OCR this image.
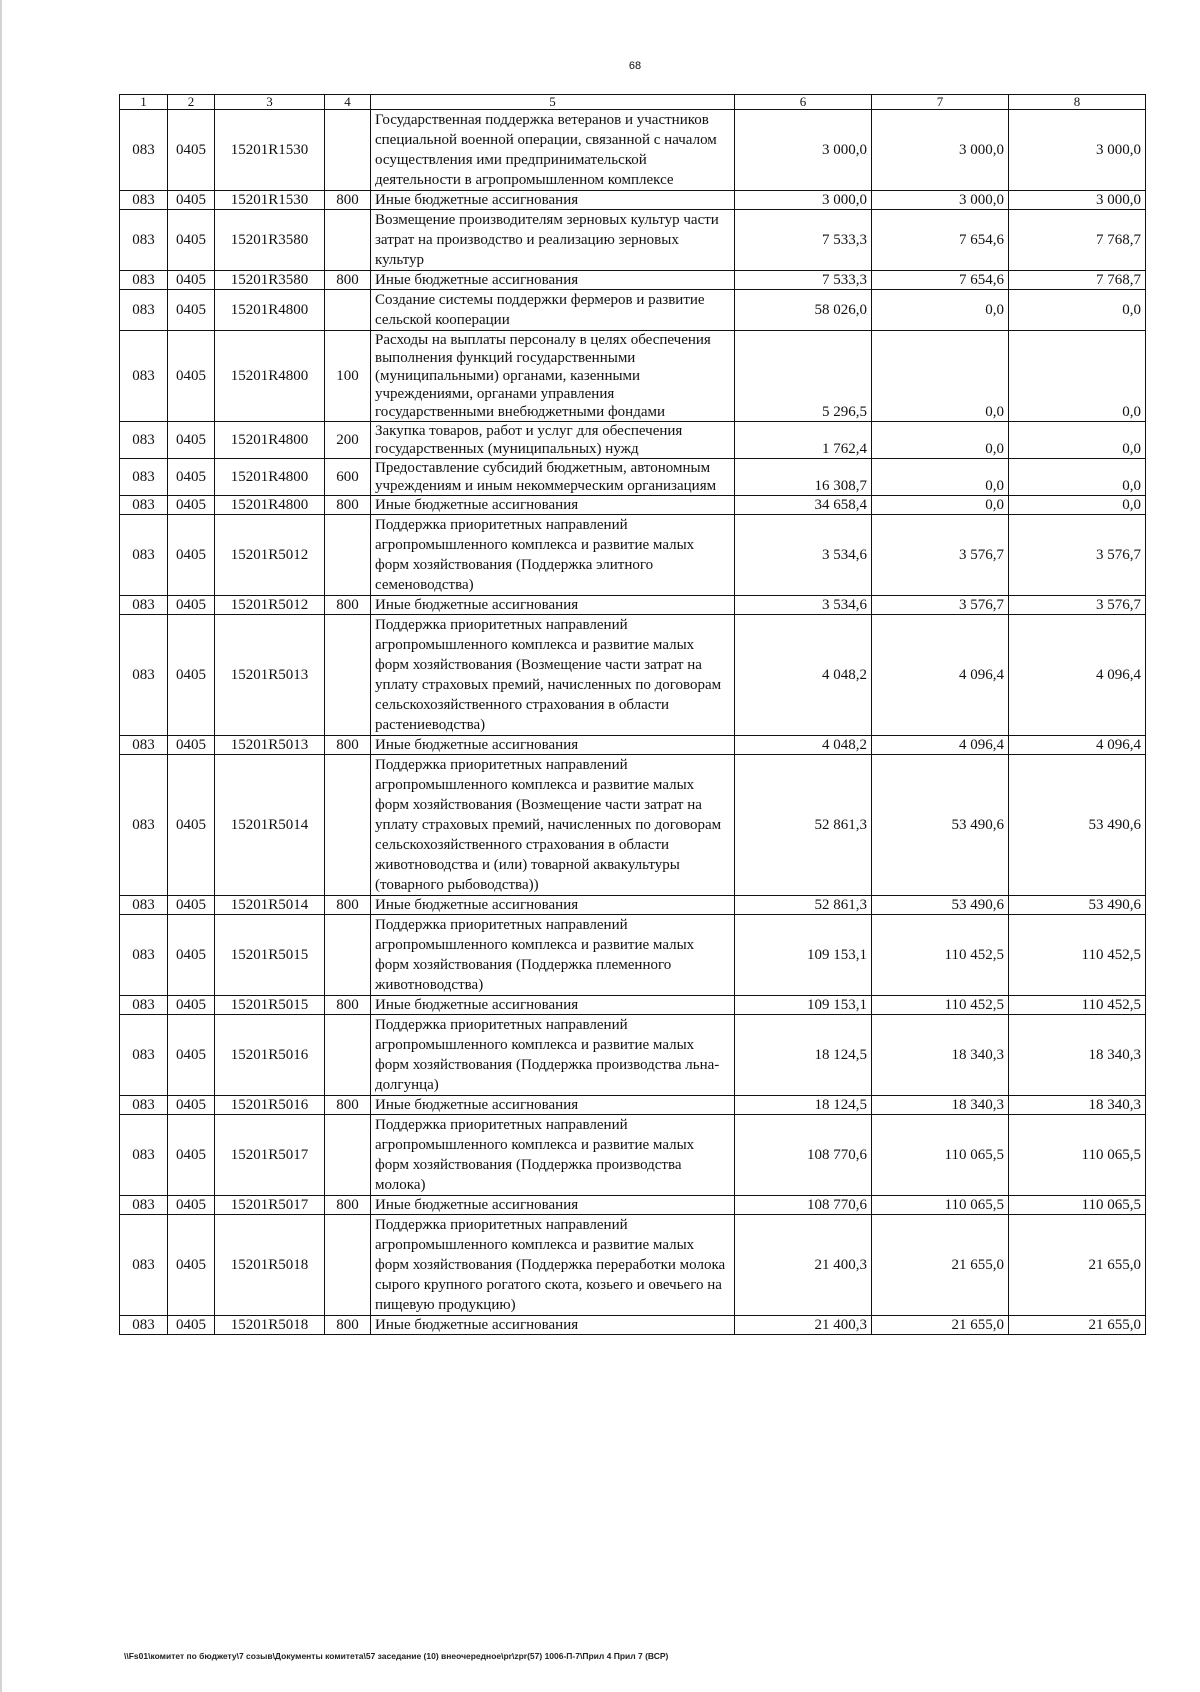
68
1	2	3	4	5	6	7	8
083	0405	15201R1530		Государственная поддержка ветеранов и участников специальной военной операции, связанной с началом осуществления ими предпринимательской деятельности в агропромышленном комплексе	3 000,0	3 000,0	3 000,0
083	0405	15201R1530	800	Иные бюджетные ассигнования	3 000,0	3 000,0	3 000,0
083	0405	15201R3580		Возмещение производителям зерновых культур части затрат на производство и реализацию зерновых культур	7 533,3	7 654,6	7 768,7
083	0405	15201R3580	800	Иные бюджетные ассигнования	7 533,3	7 654,6	7 768,7
083	0405	15201R4800		Создание системы поддержки фермеров и развитие сельской кооперации	58 026,0	0,0	0,0
083	0405	15201R4800	100	Расходы на выплаты персоналу в целях обеспечения выполнения функций государственными (муниципальными) органами, казенными учреждениями, органами управления государственными внебюджетными фондами	5 296,5	0,0	0,0
083	0405	15201R4800	200	Закупка товаров, работ и услуг для обеспечения государственных (муниципальных) нужд	1 762,4	0,0	0,0
083	0405	15201R4800	600	Предоставление субсидий бюджетным, автономным учреждениям и иным некоммерческим организациям	16 308,7	0,0	0,0
083	0405	15201R4800	800	Иные бюджетные ассигнования	34 658,4	0,0	0,0
083	0405	15201R5012		Поддержка приоритетных направлений агропромышленного комплекса и развитие малых форм хозяйствования (Поддержка элитного семеноводства)	3 534,6	3 576,7	3 576,7
083	0405	15201R5012	800	Иные бюджетные ассигнования	3 534,6	3 576,7	3 576,7
083	0405	15201R5013		Поддержка приоритетных направлений агропромышленного комплекса и развитие малых форм хозяйствования (Возмещение части затрат на уплату страховых премий, начисленных по договорам сельскохозяйственного страхования в области растениеводства)	4 048,2	4 096,4	4 096,4
083	0405	15201R5013	800	Иные бюджетные ассигнования	4 048,2	4 096,4	4 096,4
083	0405	15201R5014		Поддержка приоритетных направлений агропромышленного комплекса и развитие малых форм хозяйствования (Возмещение части затрат на уплату страховых премий, начисленных по договорам сельскохозяйственного страхования в области животноводства и (или) товарной аквакультуры (товарного рыбоводства))	52 861,3	53 490,6	53 490,6
083	0405	15201R5014	800	Иные бюджетные ассигнования	52 861,3	53 490,6	53 490,6
083	0405	15201R5015		Поддержка приоритетных направлений агропромышленного комплекса и развитие малых форм хозяйствования (Поддержка племенного животноводства)	109 153,1	110 452,5	110 452,5
083	0405	15201R5015	800	Иные бюджетные ассигнования	109 153,1	110 452,5	110 452,5
083	0405	15201R5016		Поддержка приоритетных направлений агропромышленного комплекса и развитие малых форм хозяйствования (Поддержка производства льна-долгунца)	18 124,5	18 340,3	18 340,3
083	0405	15201R5016	800	Иные бюджетные ассигнования	18 124,5	18 340,3	18 340,3
083	0405	15201R5017		Поддержка приоритетных направлений агропромышленного комплекса и развитие малых форм хозяйствования (Поддержка производства молока)	108 770,6	110 065,5	110 065,5
083	0405	15201R5017	800	Иные бюджетные ассигнования	108 770,6	110 065,5	110 065,5
083	0405	15201R5018		Поддержка приоритетных направлений агропромышленного комплекса и развитие малых форм хозяйствования (Поддержка переработки молока сырого крупного рогатого скота, козьего и овечьего на пищевую продукцию)	21 400,3	21 655,0	21 655,0
083	0405	15201R5018	800	Иные бюджетные ассигнования	21 400,3	21 655,0	21 655,0
\\Fs01\комитет по бюджету\7 созыв\Документы комитета\57 заседание (10) внеочередное\pr\zpr(57) 1006-П-7\Прил 4 Прил 7 (ВСР)
